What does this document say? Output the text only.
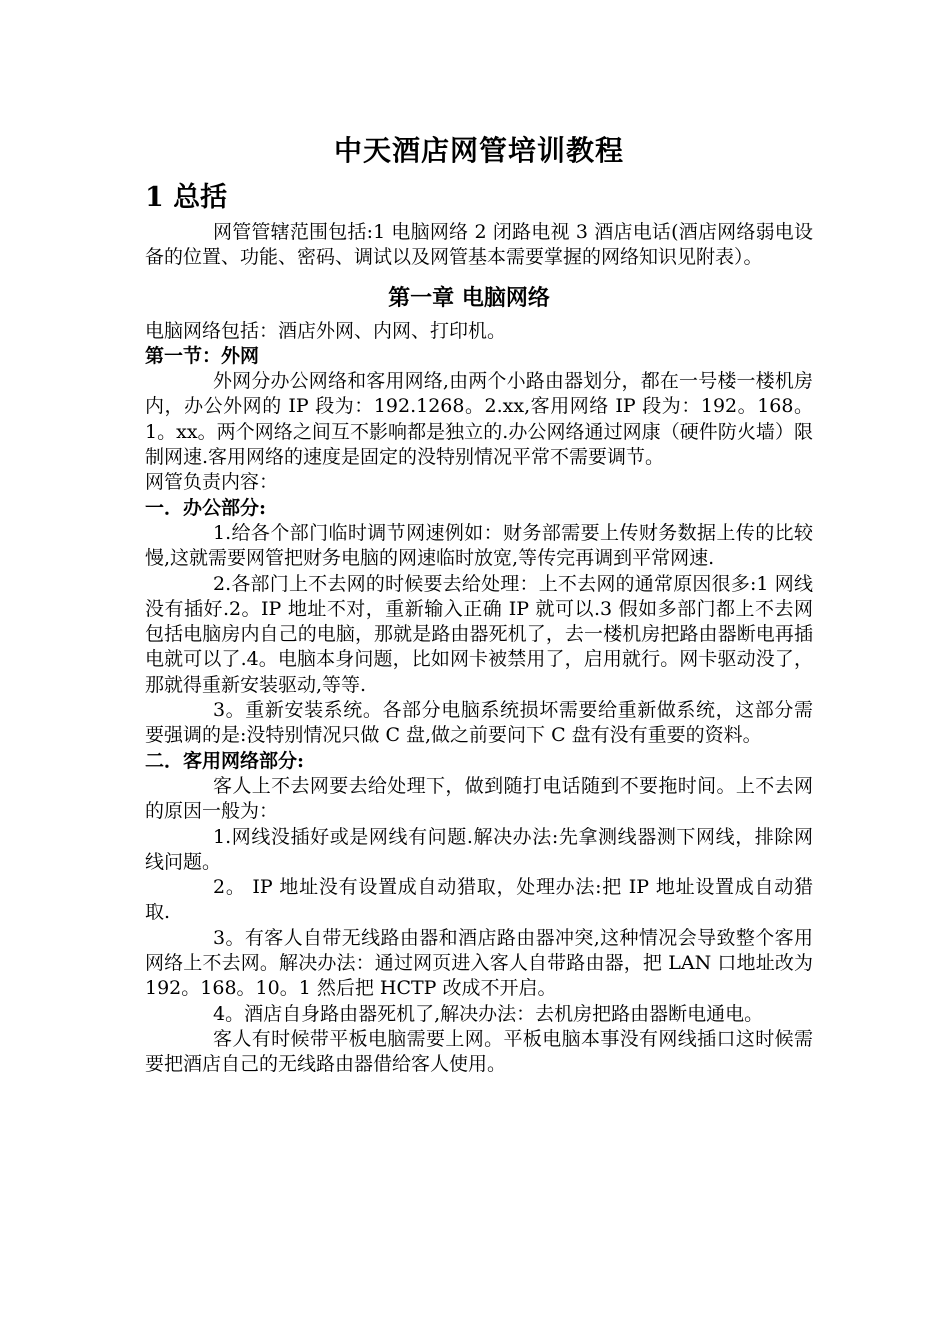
中天酒店网管培训教程
1 总括

网管管辖范围包括:1 电脑网络 2 闭路电视 3 酒店电话(酒店网络弱电设备的位置、功能、密码、调试以及网管基本需要掌握的网络知识见附表）。

第一章 电脑网络

电脑网络包括：酒店外网、内网、打印机。

第一节：外网

外网分办公网络和客用网络,由两个小路由器划分，都在一号楼一楼机房内，办公外网的 IP 段为：192.1268。2.xx,客用网络 IP 段为：192。168。1。xx。两个网络之间互不影响都是独立的.办公网络通过网康（硬件防火墙）限制网速.客用网络的速度是固定的没特别情况平常不需要调节。

网管负责内容：

一．办公部分:

1.给各个部门临时调节网速例如：财务部需要上传财务数据上传的比较慢,这就需要网管把财务电脑的网速临时放宽,等传完再调到平常网速.

2.各部门上不去网的时候要去给处理：上不去网的通常原因很多:1 网线没有插好.2。IP 地址不对，重新输入正确 IP 就可以.3 假如多部门都上不去网包括电脑房内自己的电脑，那就是路由器死机了，去一楼机房把路由器断电再插电就可以了.4。电脑本身问题，比如网卡被禁用了，启用就行。网卡驱动没了，那就得重新安装驱动,等等.

3。重新安装系统。各部分电脑系统损坏需要给重新做系统，这部分需要强调的是:没特别情况只做 C 盘,做之前要问下 C 盘有没有重要的资料。

二．客用网络部分:

客人上不去网要去给处理下，做到随打电话随到不要拖时间。上不去网的原因一般为：

1.网线没插好或是网线有问题.解决办法:先拿测线器测下网线，排除网线问题。

2。 IP 地址没有设置成自动猎取，处理办法:把 IP 地址设置成自动猎取.

3。有客人自带无线路由器和酒店路由器冲突,这种情况会导致整个客用网络上不去网。解决办法：通过网页进入客人自带路由器，把 LAN 口地址改为 192。168。10。1 然后把 HCTP 改成不开启。

4。酒店自身路由器死机了,解决办法：去机房把路由器断电通电。

客人有时候带平板电脑需要上网。平板电脑本事没有网线插口这时候需要把酒店自己的无线路由器借给客人使用。
